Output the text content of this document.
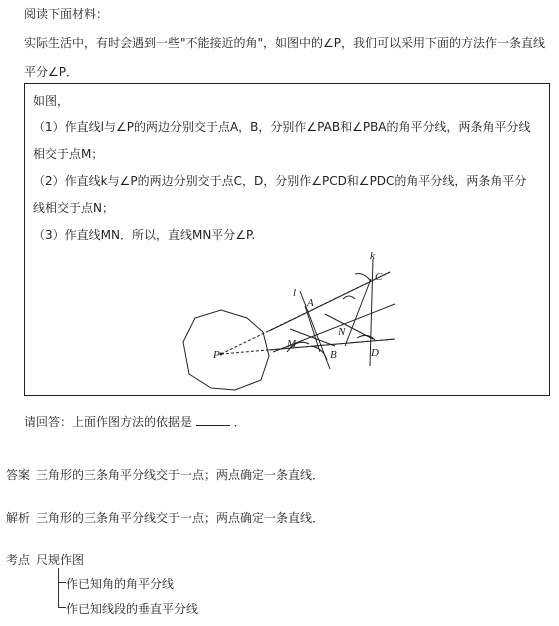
阅读下面材料：
实际生活中，有时会遇到一些"不能接近的角"，如图中的∠P，我们可以采用下面的方法作一条直线
平分∠P．
如图，
（1）作直线l与∠P的两边分别交于点A，B，分别作∠PAB和∠PBA的角平分线，两条角平分线
相交于点M；
（2）作直线k与∠P的两边分别交于点C，D，分别作∠PCD和∠PDC的角平分线，两条角平分
线相交于点N；
（3）作直线MN．所以，直线MN平分∠P.
k
l
C
A
N
M
P	B	D
请回答：上面作图方法的依据是	．
答案 三角形的三条角平分线交于一点；两点确定一条直线．
解析 三角形的三条角平分线交于一点；两点确定一条直线．
考点 尺规作图
作已知角的角平分线
作已知线段的垂直平分线
